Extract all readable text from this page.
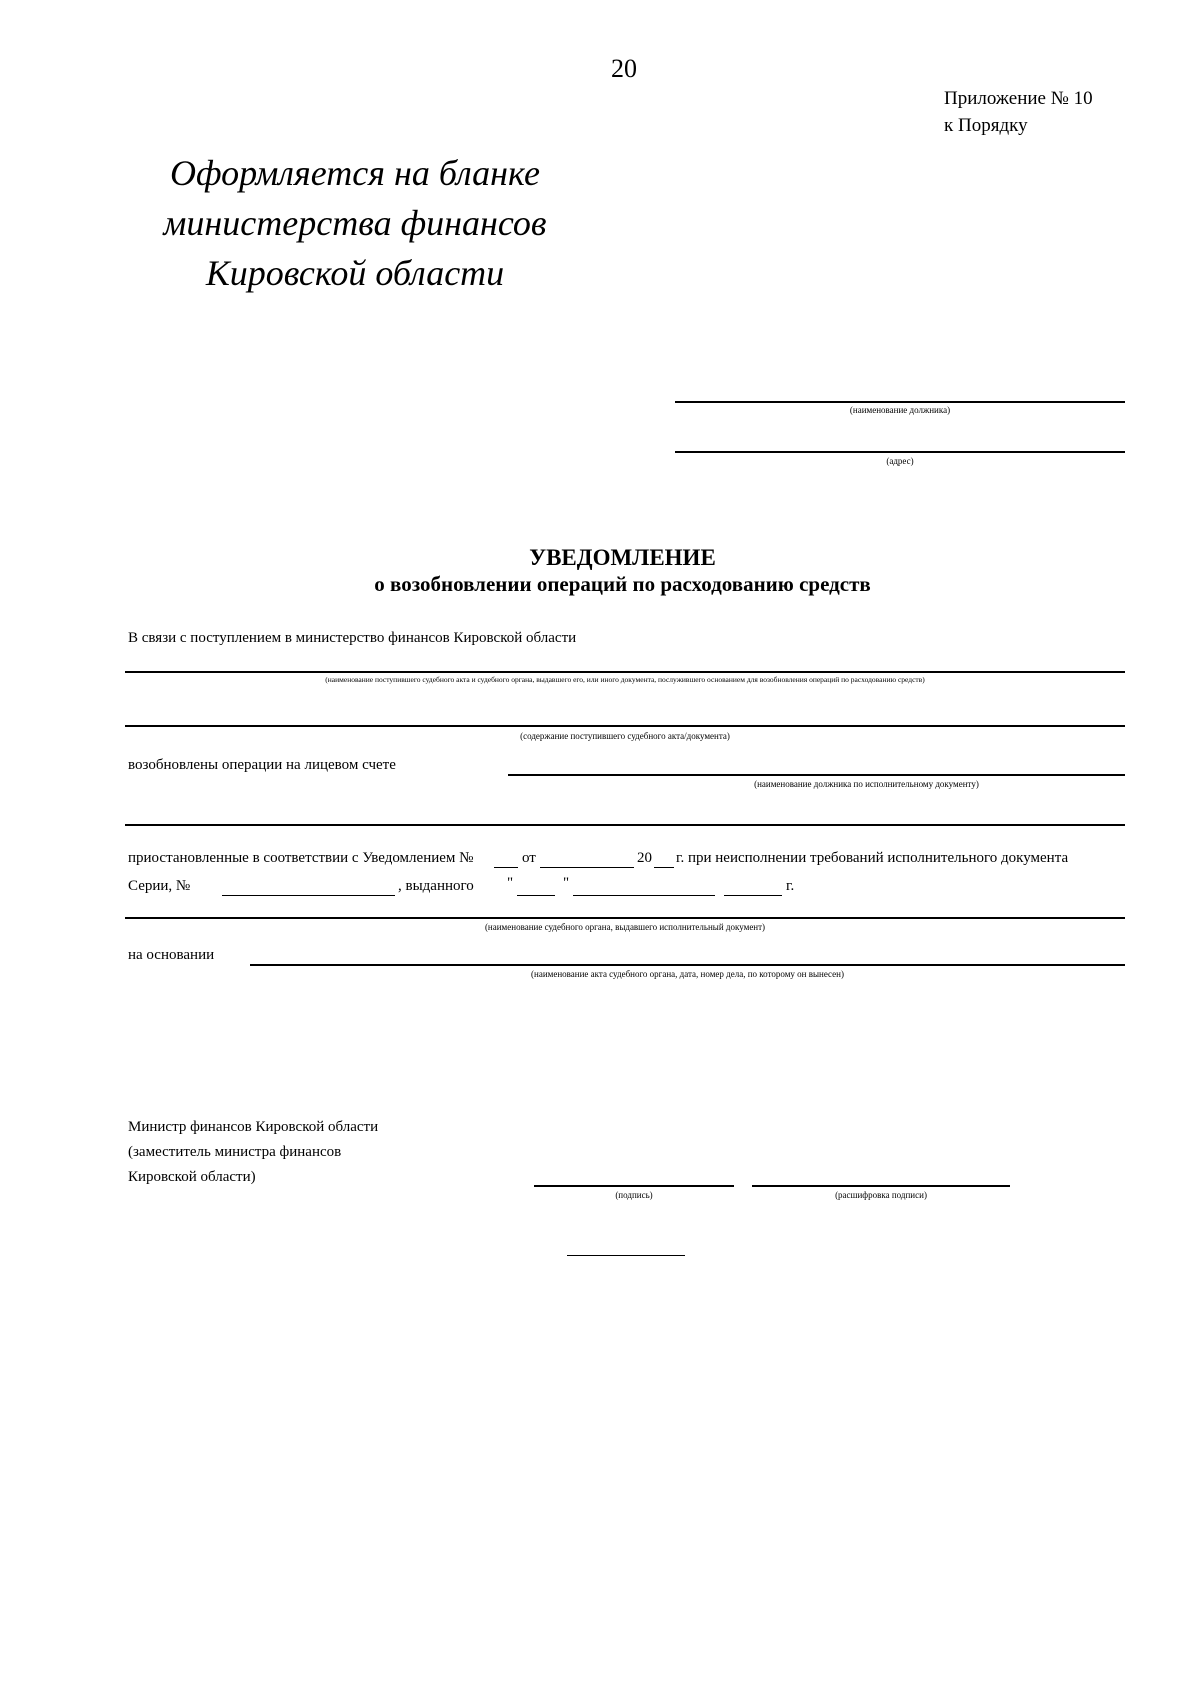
20
Приложение № 10
к Порядку
Оформляется на бланке
министерства финансов
Кировской области
(наименование должника)
(адрес)
УВЕДОМЛЕНИЕ
о возобновлении операций по расходованию средств
В связи с поступлением в министерство финансов Кировской области
(наименование поступившего судебного акта и судебного органа, выдавшего его, или иного документа, послужившего основанием для возобновления операций по расходованию средств)
(содержание поступившего судебного акта/документа)
возобновлены операции на лицевом счете
(наименование должника по исполнительному документу)
приостановленные в соответствии с Уведомлением №	от	20 г. при неисполнении требований исполнительного документа
Серии, №	, выданного "	"	г.
(наименование судебного органа, выдавшего исполнительный документ)
на основании
(наименование акта судебного органа, дата, номер дела, по которому он вынесен)
Министр финансов Кировской области
(заместитель министра финансов
Кировской области)
(подпись)	(расшифровка подписи)
